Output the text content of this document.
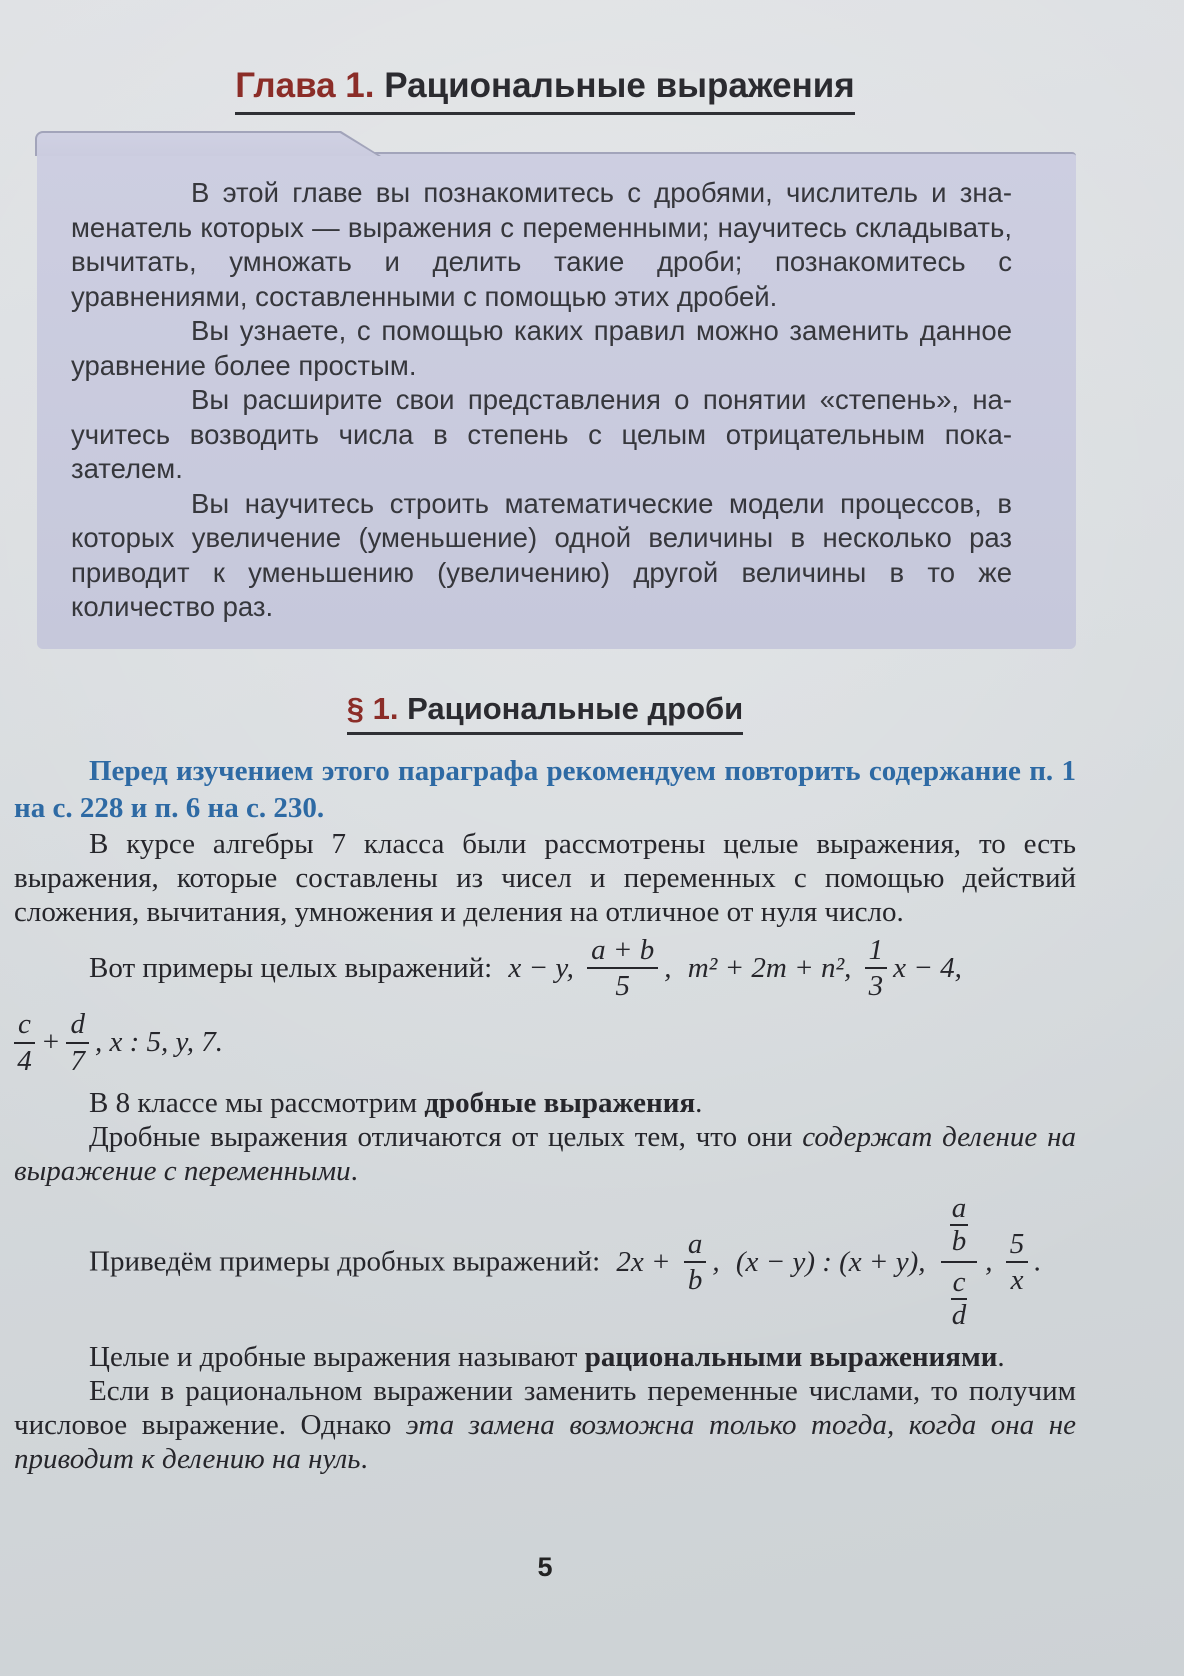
Глава 1. Рациональные выражения

В этой главе вы познакомитесь с дробями, числитель и знаменатель которых — выражения с переменными; научитесь складывать, вычитать, умножать и делить такие дроби; познакомитесь с уравнениями, составленными с помощью этих дробей.

Вы узнаете, с помощью каких правил можно заменить данное уравнение более простым.

Вы расширите свои представления о понятии «степень», научитесь возводить числа в степень с целым отрицательным показателем.

Вы научитесь строить математические модели процессов, в которых увеличение (уменьшение) одной величины в несколько раз приводит к уменьшению (увеличению) другой величины в то же количество раз.

§ 1. Рациональные дроби

Перед изучением этого параграфа рекомендуем повторить содержание п. 1 на с. 228 и п. 6 на с. 230.

В курсе алгебры 7 класса были рассмотрены целые выражения, то есть выражения, которые составлены из чисел и переменных с помощью действий сложения, вычитания, умножения и деления на отличное от нуля число.

Вот примеры целых выражений: x − y, $\frac{a + b}{5}$ , m² + 2m + n², $\frac{1}{3}$ x − 4,
$\frac{c}{4} + \frac{d}{7}$ , x : 5, y, 7.

В 8 классе мы рассмотрим дробные выражения.

Дробные выражения отличаются от целых тем, что они содержат деление на выражение с переменными.

Приведём примеры дробных выражений: $2x + \frac{a}{b}$ , (x − y) : (x + y), $\frac{\frac{a}{b}}{\frac{c}{d}}$ , $\frac{5}{x}$ .

Целые и дробные выражения называют рациональными выражениями.

Если в рациональном выражении заменить переменные числами, то получим числовое выражение. Однако эта замена возможна только тогда, когда она не приводит к делению на нуль.

5
